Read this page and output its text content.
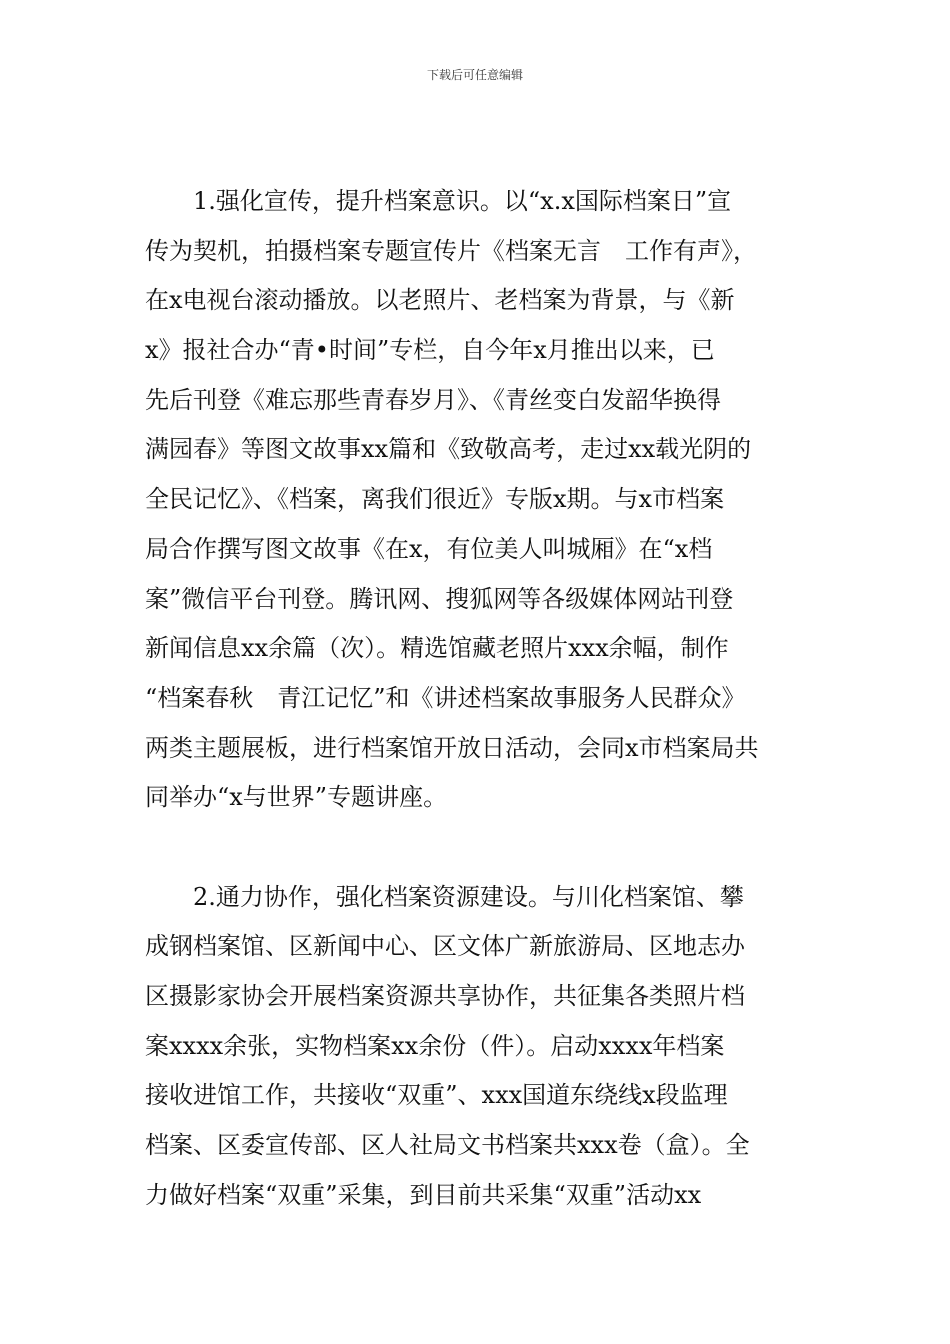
下载后可任意编辑
　　1.强化宣传，提升档案意识。以“x.x国际档案日”宣
传为契机，拍摄档案专题宣传片《档案无言　工作有声》，
在x电视台滚动播放。以老照片、老档案为背景，与《新
x》报社合办“青•时间”专栏，自今年x月推出以来，已
先后刊登《难忘那些青春岁月》、《青丝变白发韶华换得
满园春》等图文故事xx篇和《致敬高考，走过xx载光阴的
全民记忆》、《档案，离我们很近》专版x期。与x市档案
局合作撰写图文故事《在x，有位美人叫城厢》在“x档
案”微信平台刊登。腾讯网、搜狐网等各级媒体网站刊登
新闻信息xx余篇（次）。精选馆藏老照片xxx余幅，制作
“档案春秋　青江记忆”和《讲述档案故事服务人民群众》
两类主题展板，进行档案馆开放日活动，会同x市档案局共
同举办“x与世界”专题讲座。
　　2.通力协作，强化档案资源建设。与川化档案馆、攀
成钢档案馆、区新闻中心、区文体广新旅游局、区地志办
区摄影家协会开展档案资源共享协作，共征集各类照片档
案xxxx余张，实物档案xx余份（件）。启动xxxx年档案
接收进馆工作，共接收“双重”、xxx国道东绕线x段监理
档案、区委宣传部、区人社局文书档案共xxx卷（盒）。全
力做好档案“双重”采集，到目前共采集“双重”活动xx
